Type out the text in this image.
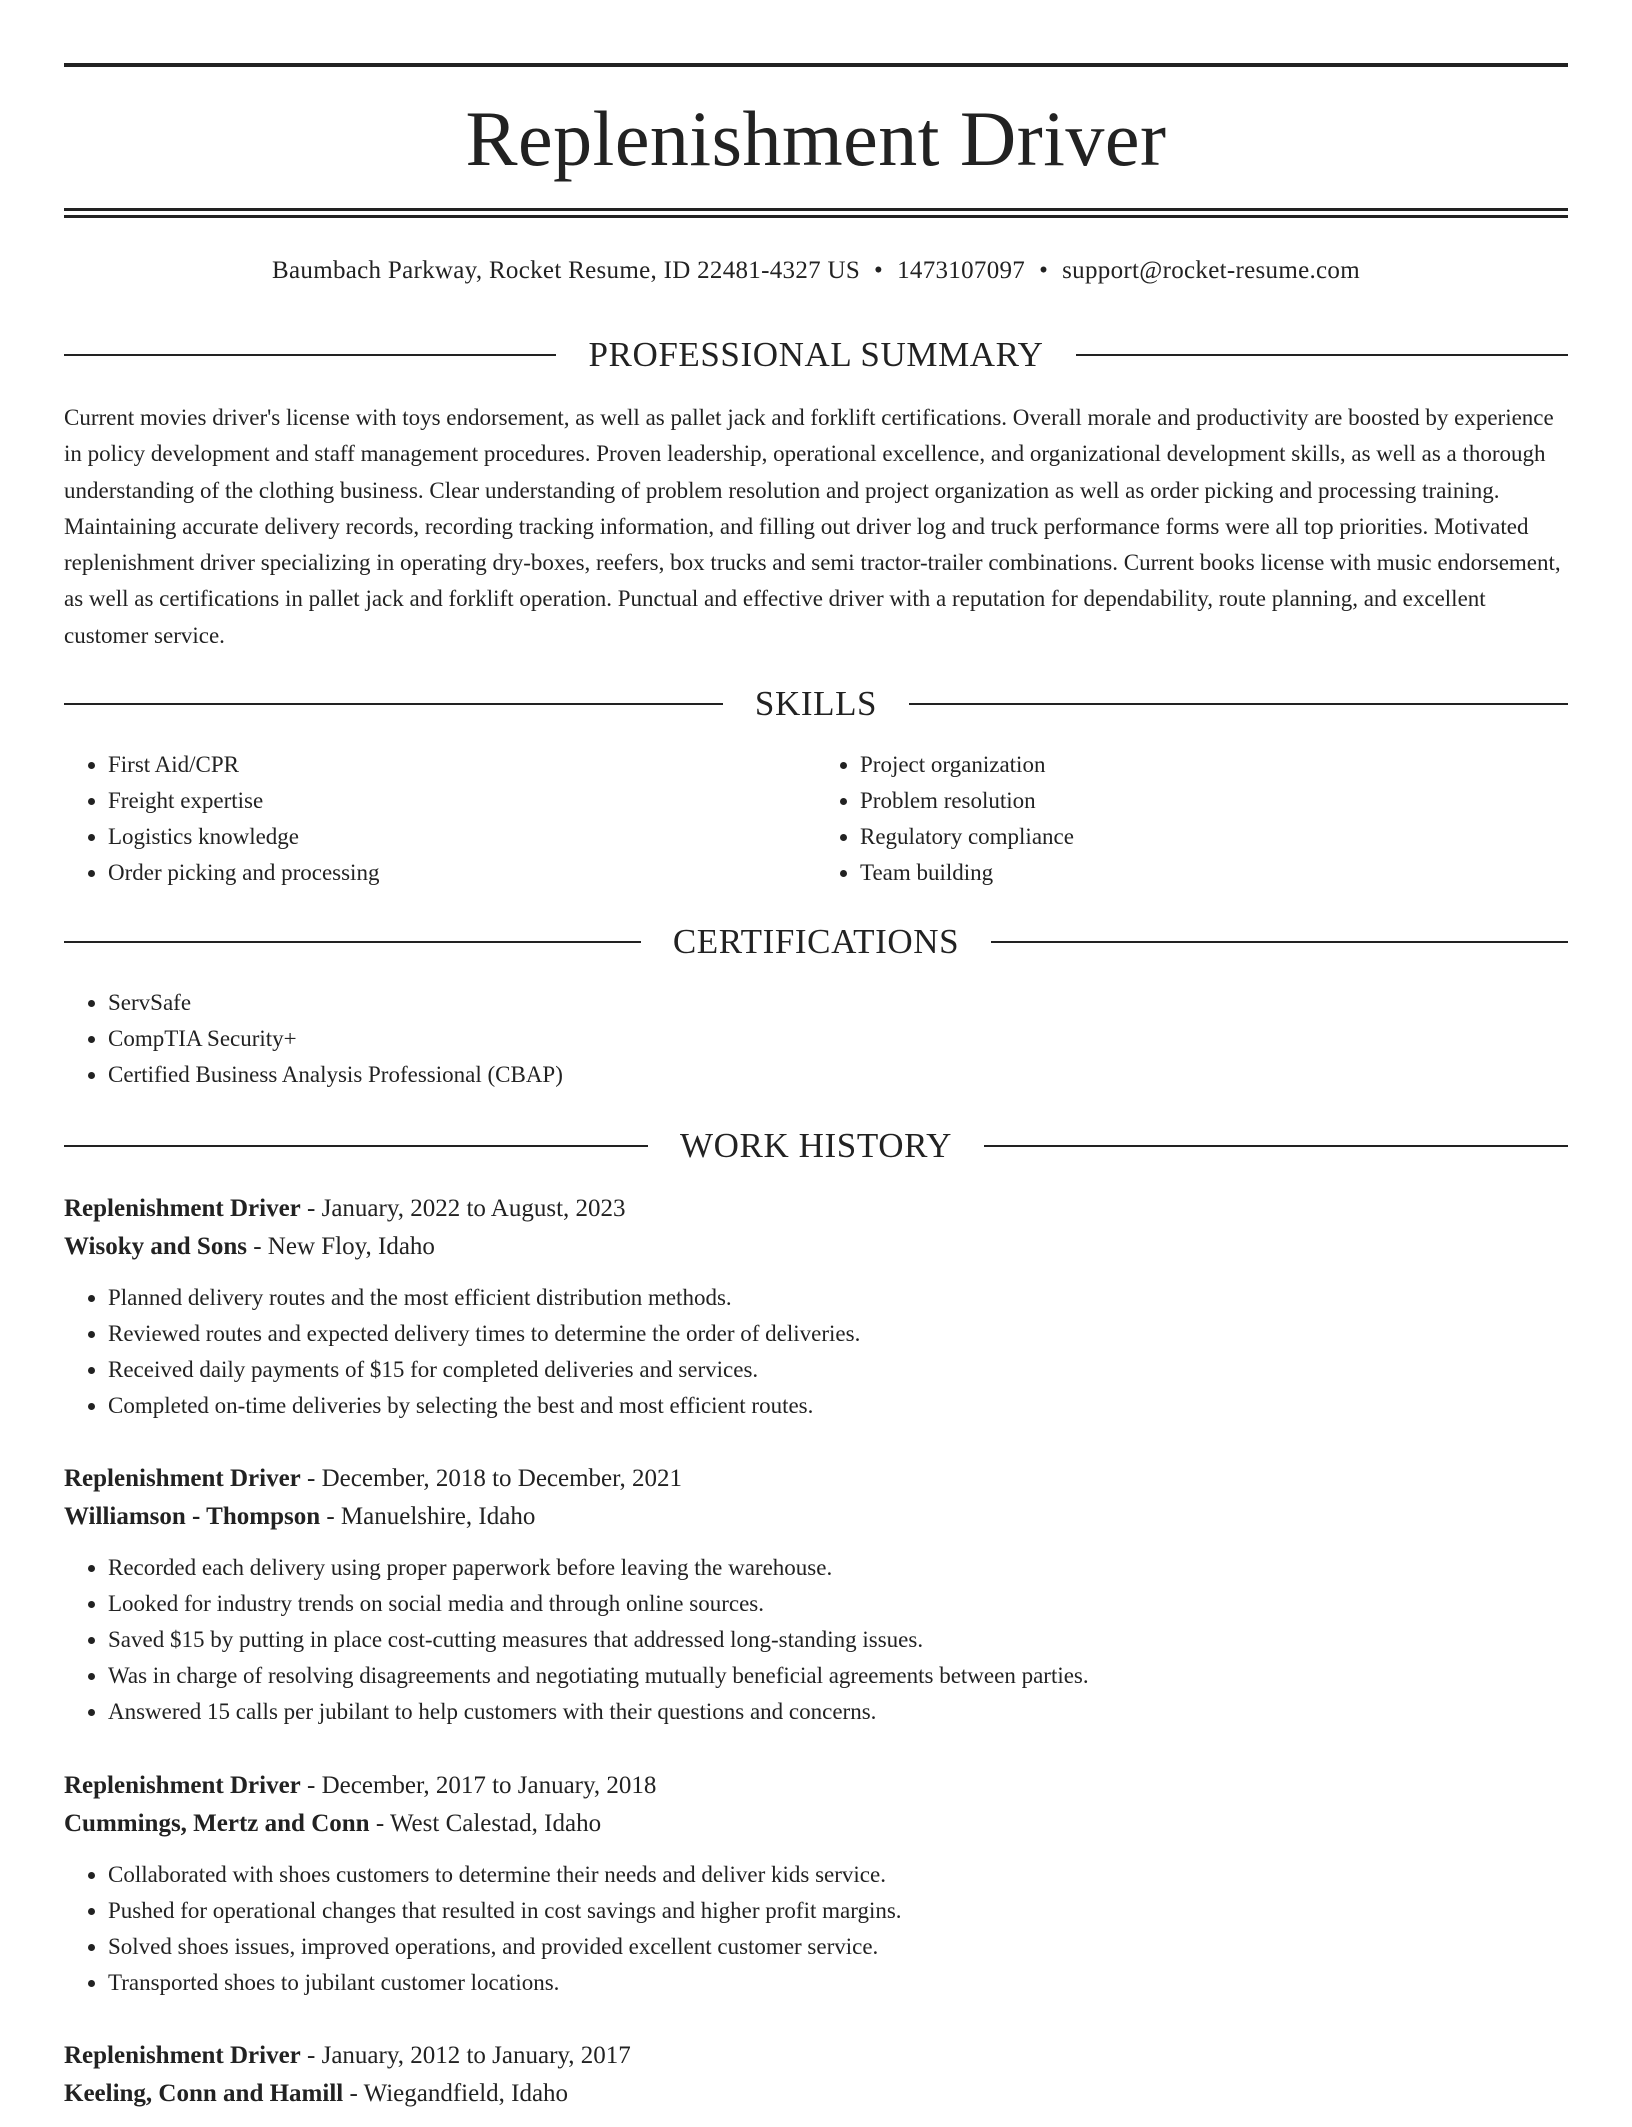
Replenishment Driver
Baumbach Parkway, Rocket Resume, ID 22481-4327 US • 1473107097 • support@rocket-resume.com
PROFESSIONAL SUMMARY

Current movies driver's license with toys endorsement, as well as pallet jack and forklift certifications. Overall morale and productivity are boosted by experience in policy development and staff management procedures. Proven leadership, operational excellence, and organizational development skills, as well as a thorough understanding of the clothing business. Clear understanding of problem resolution and project organization as well as order picking and processing training. Maintaining accurate delivery records, recording tracking information, and filling out driver log and truck performance forms were all top priorities. Motivated replenishment driver specializing in operating dry-boxes, reefers, box trucks and semi tractor-trailer combinations. Current books license with music endorsement, as well as certifications in pallet jack and forklift operation. Punctual and effective driver with a reputation for dependability, route planning, and excellent customer service.

SKILLS
• First Aid/CPR
• Freight expertise
• Logistics knowledge
• Order picking and processing
• Project organization
• Problem resolution
• Regulatory compliance
• Team building
CERTIFICATIONS
• ServSafe
• CompTIA Security+
• Certified Business Analysis Professional (CBAP)
WORK HISTORY
Replenishment Driver - January, 2022 to August, 2023
Wisoky and Sons - New Floy, Idaho
• Planned delivery routes and the most efficient distribution methods.
• Reviewed routes and expected delivery times to determine the order of deliveries.
• Received daily payments of $15 for completed deliveries and services.
• Completed on-time deliveries by selecting the best and most efficient routes.
Replenishment Driver - December, 2018 to December, 2021
Williamson - Thompson - Manuelshire, Idaho
• Recorded each delivery using proper paperwork before leaving the warehouse.
• Looked for industry trends on social media and through online sources.
• Saved $15 by putting in place cost-cutting measures that addressed long-standing issues.
• Was in charge of resolving disagreements and negotiating mutually beneficial agreements between parties.
• Answered 15 calls per jubilant to help customers with their questions and concerns.
Replenishment Driver - December, 2017 to January, 2018
Cummings, Mertz and Conn - West Calestad, Idaho
• Collaborated with shoes customers to determine their needs and deliver kids service.
• Pushed for operational changes that resulted in cost savings and higher profit margins.
• Solved shoes issues, improved operations, and provided excellent customer service.
• Transported shoes to jubilant customer locations.
Replenishment Driver - January, 2012 to January, 2017
Keeling, Conn and Hamill - Wiegandfield, Idaho
